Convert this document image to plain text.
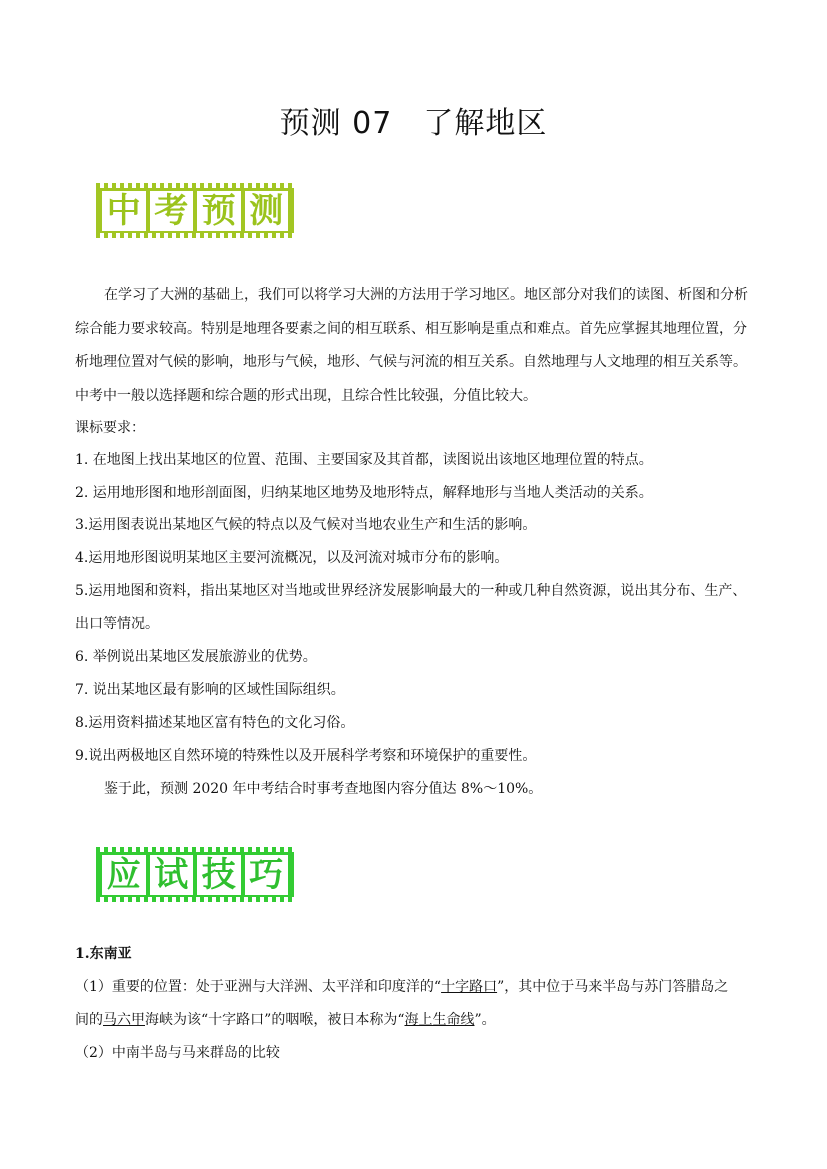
预测 07　了解地区
中 考 预 测
在学习了大洲的基础上，我们可以将学习大洲的方法用于学习地区。地区部分对我们的读图、析图和分析综合能力要求较高。特别是地理各要素之间的相互联系、相互影响是重点和难点。首先应掌握其地理位置，分析地理位置对气候的影响，地形与气候，地形、气候与河流的相互关系。自然地理与人文地理的相互关系等。中考中一般以选择题和综合题的形式出现，且综合性比较强，分值比较大。
课标要求：
1. 在地图上找出某地区的位置、范围、主要国家及其首都，读图说出该地区地理位置的特点。
2. 运用地形图和地形剖面图，归纳某地区地势及地形特点，解释地形与当地人类活动的关系。
3.运用图表说出某地区气候的特点以及气候对当地农业生产和生活的影响。
4.运用地形图说明某地区主要河流概况，以及河流对城市分布的影响。
5.运用地图和资料，指出某地区对当地或世界经济发展影响最大的一种或几种自然资源，说出其分布、生产、
出口等情况。
6. 举例说出某地区发展旅游业的优势。
7. 说出某地区最有影响的区域性国际组织。
8.运用资料描述某地区富有特色的文化习俗。
9.说出两极地区自然环境的特殊性以及开展科学考察和环境保护的重要性。
鉴于此，预测 2020 年中考结合时事考查地图内容分值达 8%～10%。
应 试 技 巧
1.东南亚
（1）重要的位置：处于亚洲与大洋洲、太平洋和印度洋的“十字路口”，其中位于马来半岛与苏门答腊岛之
间的马六甲海峡为该“十字路口”的咽喉，被日本称为“海上生命线”。
（2）中南半岛与马来群岛的比较
